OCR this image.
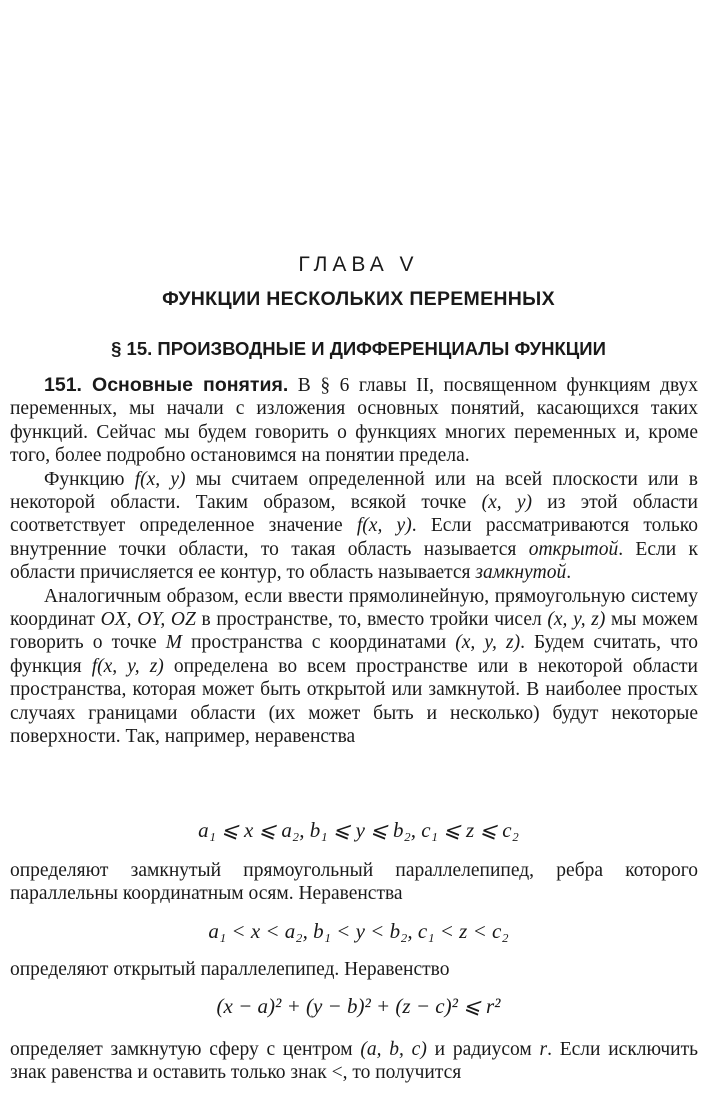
ГЛАВА V
ФУНКЦИИ НЕСКОЛЬКИХ ПЕРЕМЕННЫХ
§ 15. ПРОИЗВОДНЫЕ И ДИФФЕРЕНЦИАЛЫ ФУНКЦИИ

151. Основные понятия. В § 6 главы II, посвященном функциям двух переменных, мы начали с изложения основных понятий, касающихся таких функций. Сейчас мы будем говорить о функциях многих переменных и, кроме того, более подробно остановимся на понятии предела.

Функцию f(x, y) мы считаем определенной или на всей плоскости или в некоторой области. Таким образом, всякой точке (x, y) из этой области соответствует определенное значение f(x, y). Если рассматриваются только внутренние точки области, то такая область называется открытой. Если к области причисляется ее контур, то область называется замкнутой.

Аналогичным образом, если ввести прямолинейную, прямоугольную систему координат OX, OY, OZ в пространстве, то, вместо тройки чисел (x, y, z) мы можем говорить о точке M пространства с координатами (x, y, z). Будем считать, что функция f(x, y, z) определена во всем пространстве или в некоторой области пространства, которая может быть открытой или замкнутой. В наиболее простых случаях границами области (их может быть и несколько) будут некоторые поверхности. Так, например, неравенства

a₁ ⩽ x ⩽ a₂, b₁ ⩽ y ⩽ b₂, c₁ ⩽ z ⩽ c₂
определяют замкнутый прямоугольный параллелепипед, ребра которого параллельны координатным осям. Неравенства
a₁ < x < a₂, b₁ < y < b₂, c₁ < z < c₂
определяют открытый параллелепипед. Неравенство
(x − a)² + (y − b)² + (z − c)² ⩽ r²
определяет замкнутую сферу с центром (a, b, c) и радиусом r. Если исключить знак равенства и оставить только знак <, то получится
